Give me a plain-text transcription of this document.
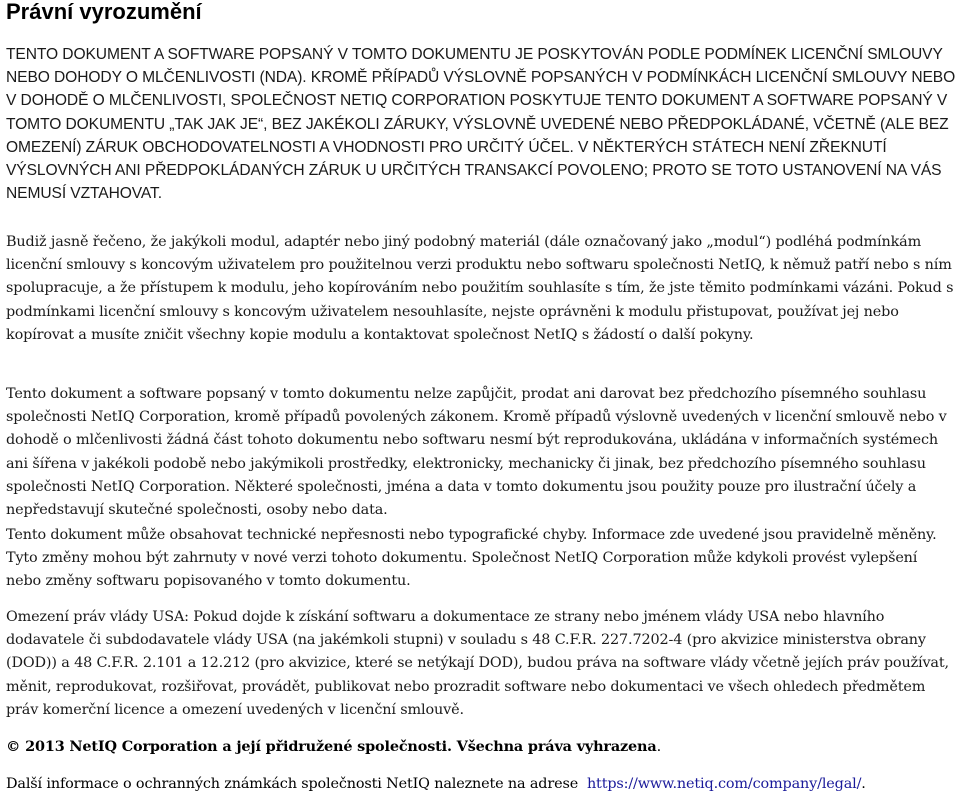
Právní vyrozumění

TENTO DOKUMENT A SOFTWARE POPSANÝ V TOMTO DOKUMENTU JE POSKYTOVÁN PODLE PODMÍNEK LICENČNÍ SMLOUVY NEBO DOHODY O MLČENLIVOSTI (NDA). KROMĚ PŘÍPADŮ VÝSLOVNĚ POPSANÝCH V PODMÍNKÁCH LICENČNÍ SMLOUVY NEBO V DOHODĚ O MLČENLIVOSTI, SPOLEČNOST NETIQ CORPORATION POSKYTUJE TENTO DOKUMENT A SOFTWARE POPSANÝ V TOMTO DOKUMENTU „TAK JAK JE“, BEZ JAKÉKOLI ZÁRUKY, VÝSLOVNĚ UVEDENÉ NEBO PŘEDPOKLÁDANÉ, VČETNĚ (ALE BEZ OMEZENÍ) ZÁRUK OBCHODOVATELNOSTI A VHODNOSTI PRO URČITÝ ÚČEL. V NĚKTERÝCH STÁTECH NENÍ ZŘEKNUTÍ VÝSLOVNÝCH ANI PŘEDPOKLÁDANÝCH ZÁRUK U URČITÝCH TRANSAKCÍ POVOLENO; PROTO SE TOTO USTANOVENÍ NA VÁS NEMUSÍ VZTAHOVAT.

Budiž jasně řečeno, že jakýkoli modul, adaptér nebo jiný podobný materiál (dále označovaný jako „modul“) podléhá podmínkám licenční smlouvy s koncovým uživatelem pro použitelnou verzi produktu nebo softwaru společnosti NetIQ, k němuž patří nebo s ním spolupracuje, a že přístupem k modulu, jeho kopírováním nebo použitím souhlasíte s tím, že jste těmito podmínkami vázáni. Pokud s podmínkami licenční smlouvy s koncovým uživatelem nesouhlasíte, nejste oprávněni k modulu přistupovat, používat jej nebo kopírovat a musíte zničit všechny kopie modulu a kontaktovat společnost NetIQ s žádostí o další pokyny.

Tento dokument a software popsaný v tomto dokumentu nelze zapůjčit, prodat ani darovat bez předchozího písemného souhlasu společnosti NetIQ Corporation, kromě případů povolených zákonem. Kromě případů výslovně uvedených v licenční smlouvě nebo v dohodě o mlčenlivosti žádná část tohoto dokumentu nebo softwaru nesmí být reprodukována, ukládána v informačních systémech ani šířena v jakékoli podobě nebo jakýmikoli prostředky, elektronicky, mechanicky či jinak, bez předchozího písemného souhlasu společnosti NetIQ Corporation. Některé společnosti, jména a data v tomto dokumentu jsou použity pouze pro ilustrační účely a nepředstavují skutečné společnosti, osoby nebo data.

Tento dokument může obsahovat technické nepřesnosti nebo typografické chyby. Informace zde uvedené jsou pravidelně měněny. Tyto změny mohou být zahrnuty v nové verzi tohoto dokumentu. Společnost NetIQ Corporation může kdykoli provést vylepšení nebo změny softwaru popisovaného v tomto dokumentu.

Omezení práv vlády USA: Pokud dojde k získání softwaru a dokumentace ze strany nebo jménem vlády USA nebo hlavního dodavatele či subdodavatele vlády USA (na jakémkoli stupni) v souladu s 48 C.F.R. 227.7202-4 (pro akvizice ministerstva obrany (DOD)) a 48 C.F.R. 2.101 a 12.212 (pro akvizice, které se netýkají DOD), budou práva na software vlády včetně jejích práv používat, měnit, reprodukovat, rozšiřovat, provádět, publikovat nebo prozradit software nebo dokumentaci ve všech ohledech předmětem práv komerční licence a omezení uvedených v licenční smlouvě.

© 2013 NetIQ Corporation a její přidružené společnosti. Všechna práva vyhrazena.
Další informace o ochranných známkách společnosti NetIQ naleznete na adrese https://www.netiq.com/company/legal/.
